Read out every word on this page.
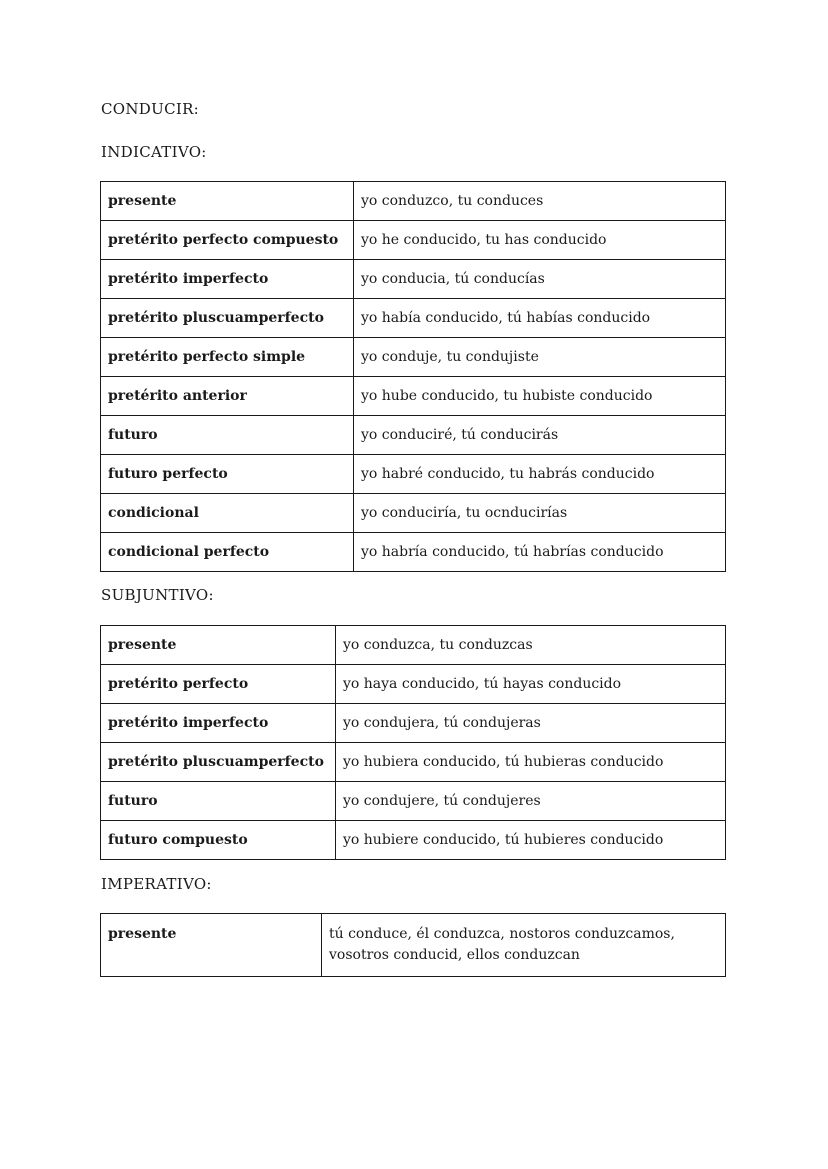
CONDUCIR:
INDICATIVO:
presente	yo conduzco, tu conduces
pretérito perfecto compuesto	yo he conducido, tu has conducido
pretérito imperfecto	yo conducia, tú conducías
pretérito pluscuamperfecto	yo había conducido, tú habías conducido
pretérito perfecto simple	yo conduje, tu condujiste
pretérito anterior	yo hube conducido, tu hubiste conducido
futuro	yo conduciré, tú conducirás
futuro perfecto	yo habré conducido, tu habrás conducido
condicional	yo conduciría, tu ocnducirías
condicional perfecto	yo habría conducido, tú habrías conducido
SUBJUNTIVO:
presente	yo conduzca, tu conduzcas
pretérito perfecto	yo haya conducido, tú hayas conducido
pretérito imperfecto	yo condujera, tú condujeras
pretérito pluscuamperfecto	yo hubiera conducido, tú hubieras conducido
futuro	yo condujere, tú condujeres
futuro compuesto	yo hubiere conducido, tú hubieres conducido
IMPERATIVO:
presente	tú conduce, él conduzca, nostoros conduzcamos, vosotros conducid, ellos conduzcan
